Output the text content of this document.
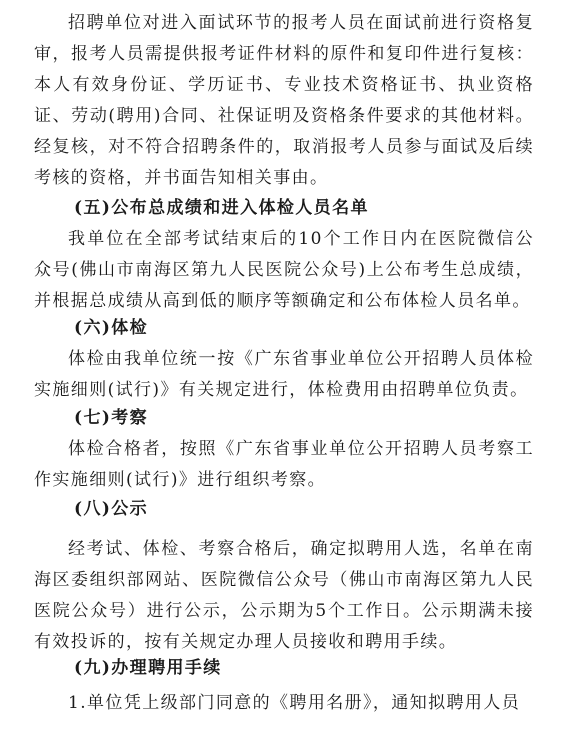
招聘单位对进入面试环节的报考人员在面试前进行资格复审，报考人员需提供报考证件材料的原件和复印件进行复核：本人有效身份证、学历证书、专业技术资格证书、执业资格证、劳动(聘用)合同、社保证明及资格条件要求的其他材料。经复核，对不符合招聘条件的，取消报考人员参与面试及后续考核的资格，并书面告知相关事由。

(五)公布总成绩和进入体检人员名单

我单位在全部考试结束后的10个工作日内在医院微信公众号(佛山市南海区第九人民医院公众号)上公布考生总成绩，并根据总成绩从高到低的顺序等额确定和公布体检人员名单。

(六)体检

体检由我单位统一按《广东省事业单位公开招聘人员体检实施细则(试行)》有关规定进行，体检费用由招聘单位负责。

(七)考察

体检合格者，按照《广东省事业单位公开招聘人员考察工作实施细则(试行)》进行组织考察。

(八)公示

经考试、体检、考察合格后，确定拟聘用人选，名单在南海区委组织部网站、医院微信公众号（佛山市南海区第九人民医院公众号）进行公示，公示期为5个工作日。公示期满未接有效投诉的，按有关规定办理人员接收和聘用手续。

(九)办理聘用手续

1.单位凭上级部门同意的《聘用名册》，通知拟聘用人员
